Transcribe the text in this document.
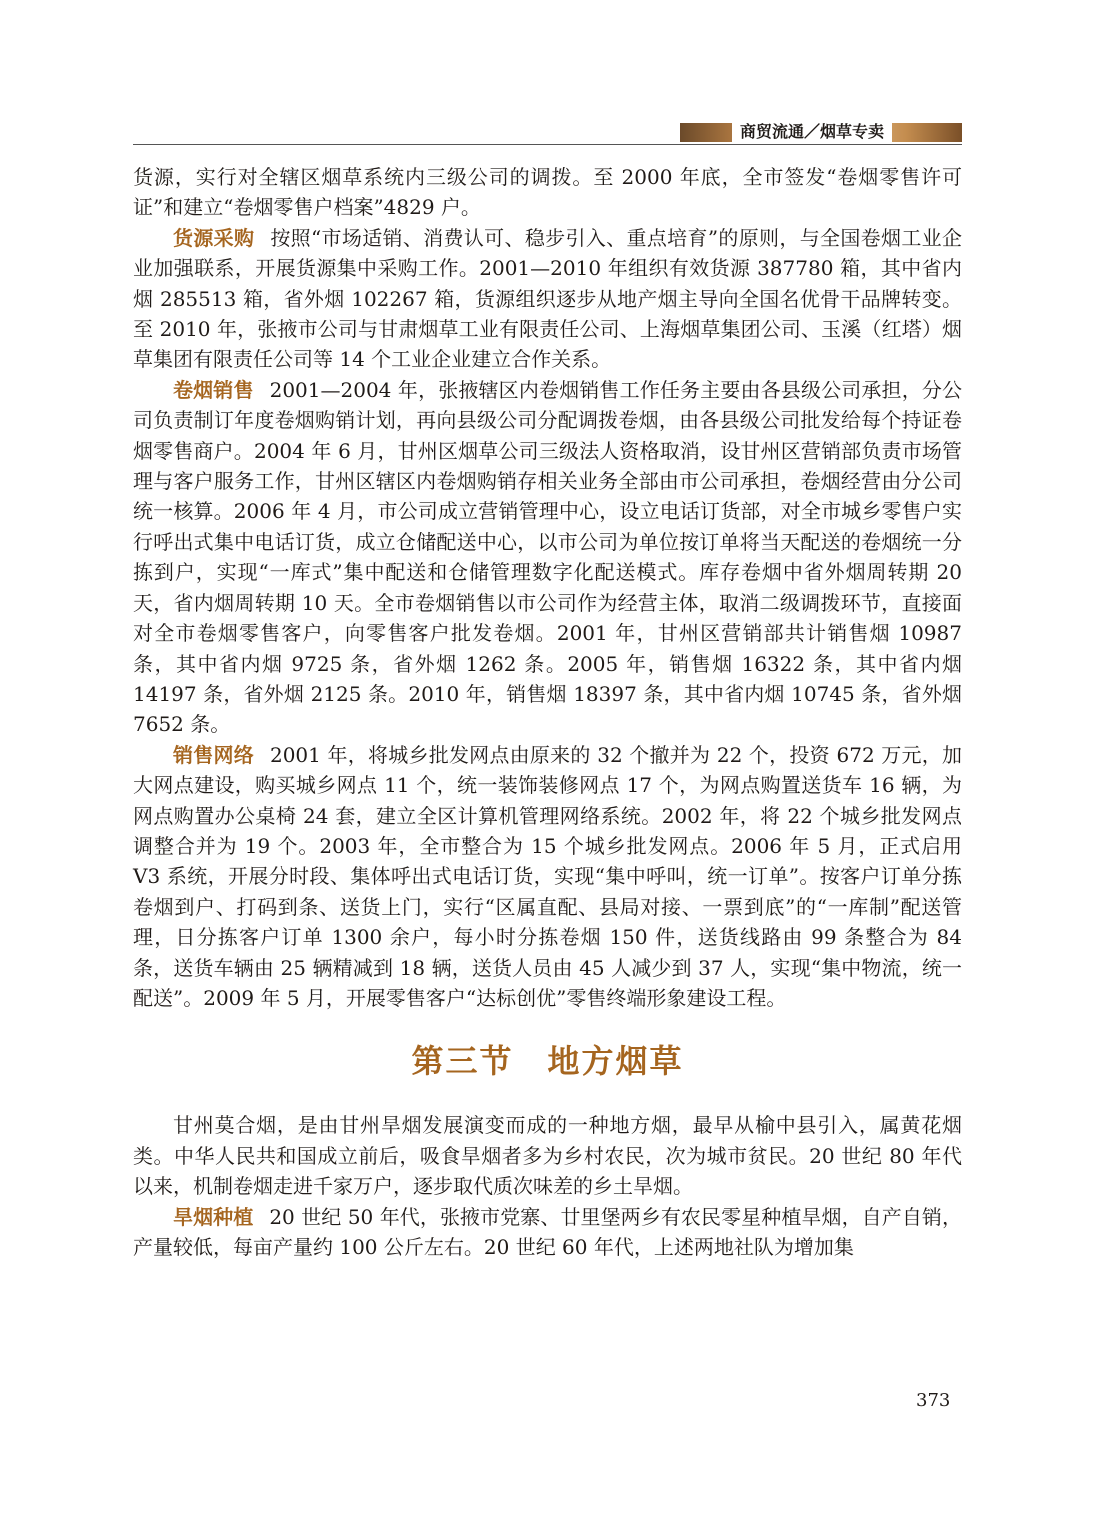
商贸流通／烟草专卖

货源，实行对全辖区烟草系统内三级公司的调拨。至 2000 年底，全市签发“卷烟零售许可证”和建立“卷烟零售户档案”4829 户。

货源采购 按照“市场适销、消费认可、稳步引入、重点培育”的原则，与全国卷烟工业企业加强联系，开展货源集中采购工作。2001—2010 年组织有效货源 387780 箱，其中省内烟 285513 箱，省外烟 102267 箱，货源组织逐步从地产烟主导向全国名优骨干品牌转变。至 2010 年，张掖市公司与甘肃烟草工业有限责任公司、上海烟草集团公司、玉溪（红塔）烟草集团有限责任公司等 14 个工业企业建立合作关系。

卷烟销售 2001—2004 年，张掖辖区内卷烟销售工作任务主要由各县级公司承担，分公司负责制订年度卷烟购销计划，再向县级公司分配调拨卷烟，由各县级公司批发给每个持证卷烟零售商户。2004 年 6 月，甘州区烟草公司三级法人资格取消，设甘州区营销部负责市场管理与客户服务工作，甘州区辖区内卷烟购销存相关业务全部由市公司承担，卷烟经营由分公司统一核算。2006 年 4 月，市公司成立营销管理中心，设立电话订货部，对全市城乡零售户实行呼出式集中电话订货，成立仓储配送中心，以市公司为单位按订单将当天配送的卷烟统一分拣到户，实现“一库式”集中配送和仓储管理数字化配送模式。库存卷烟中省外烟周转期 20 天，省内烟周转期 10 天。全市卷烟销售以市公司作为经营主体，取消二级调拨环节，直接面对全市卷烟零售客户，向零售客户批发卷烟。2001 年，甘州区营销部共计销售烟 10987 条，其中省内烟 9725 条，省外烟 1262 条。2005 年，销售烟 16322 条，其中省内烟 14197 条，省外烟 2125 条。2010 年，销售烟 18397 条，其中省内烟 10745 条，省外烟 7652 条。

销售网络 2001 年，将城乡批发网点由原来的 32 个撤并为 22 个，投资 672 万元，加大网点建设，购买城乡网点 11 个，统一装饰装修网点 17 个，为网点购置送货车 16 辆，为网点购置办公桌椅 24 套，建立全区计算机管理网络系统。2002 年，将 22 个城乡批发网点调整合并为 19 个。2003 年，全市整合为 15 个城乡批发网点。2006 年 5 月，正式启用 V3 系统，开展分时段、集体呼出式电话订货，实现“集中呼叫，统一订单”。按客户订单分拣卷烟到户、打码到条、送货上门，实行“区属直配、县局对接、一票到底”的“一库制”配送管理，日分拣客户订单 1300 余户，每小时分拣卷烟 150 件，送货线路由 99 条整合为 84 条，送货车辆由 25 辆精减到 18 辆，送货人员由 45 人减少到 37 人，实现“集中物流，统一配送”。2009 年 5 月，开展零售客户“达标创优”零售终端形象建设工程。

第三节　地方烟草

甘州莫合烟，是由甘州旱烟发展演变而成的一种地方烟，最早从榆中县引入，属黄花烟类。中华人民共和国成立前后，吸食旱烟者多为乡村农民，次为城市贫民。20 世纪 80 年代以来，机制卷烟走进千家万户，逐步取代质次味差的乡土旱烟。

旱烟种植 20 世纪 50 年代，张掖市党寨、廿里堡两乡有农民零星种植旱烟，自产自销，产量较低，每亩产量约 100 公斤左右。20 世纪 60 年代，上述两地社队为增加集

373
